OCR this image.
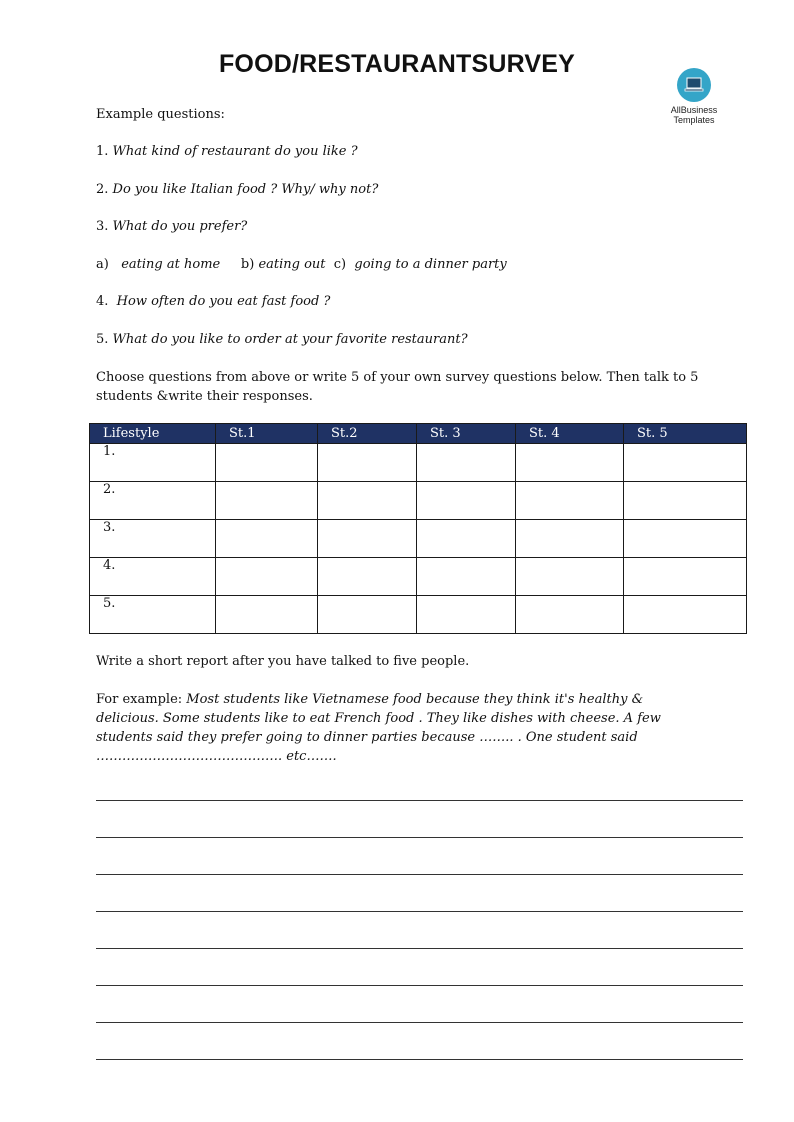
FOOD/RESTAURANTSURVEY
AllBusiness
Templates
Example questions:
1. What kind of restaurant do you like ?
2. Do you like Italian food ? Why/ why not?
3. What do you prefer?
a) eating at home b) eating out c) going to a dinner party
4. How often do you eat fast food ?
5. What do you like to order at your favorite restaurant?
Choose questions from above or write 5 of your own survey questions below. Then talk to 5 students &write their responses.
Lifestyle	St.1	St.2	St. 3	St. 4	St. 5
1.					
2.					
3.					
4.					
5.					
Write a short report after you have talked to five people.
For example: Most students like Vietnamese food because they think it's healthy & delicious. Some students like to eat French food . They like dishes with cheese. A few students said they prefer going to dinner parties because …….. . One student said ……………………………………. etc…….
